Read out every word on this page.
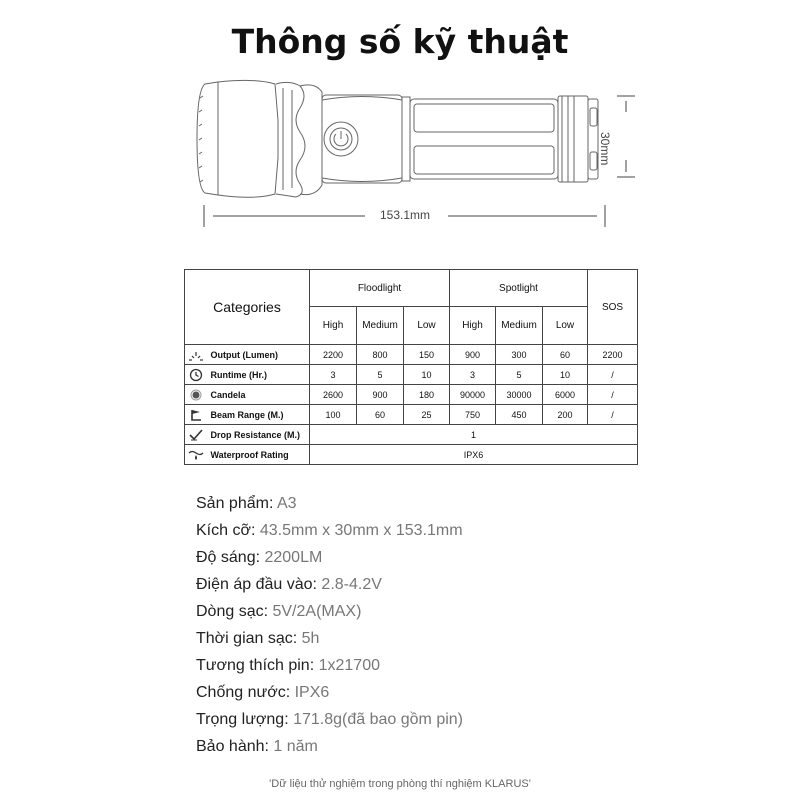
Thông số kỹ thuật
153.1mm
30mm
Categories		Floodlight			Spotlight			SOS
		High	Medium	Low	High	Medium	Low	

	Output (Lumen)	2200	800	150	900	300	60	2200

	Runtime (Hr.)	3	5	10	3	5	10	/

	Candela	2600	900	180	90000	30000	6000	/

	Beam Range (M.)	100	60	25	750	450	200	/

	Drop Resistance (M.)	1						

	Waterproof Rating	IPX6						
Sản phẩm: A3
Kích cỡ: 43.5mm x 30mm x 153.1mm
Độ sáng: 2200LM
Điện áp đầu vào: 2.8-4.2V
Dòng sạc: 5V/2A(MAX)
Thời gian sạc: 5h
Tương thích pin: 1x21700
Chống nước: IPX6
Trọng lượng: 171.8g(đã bao gồm pin)
Bảo hành: 1 năm
'Dữ liệu thử nghiệm trong phòng thí nghiệm KLARUS'
